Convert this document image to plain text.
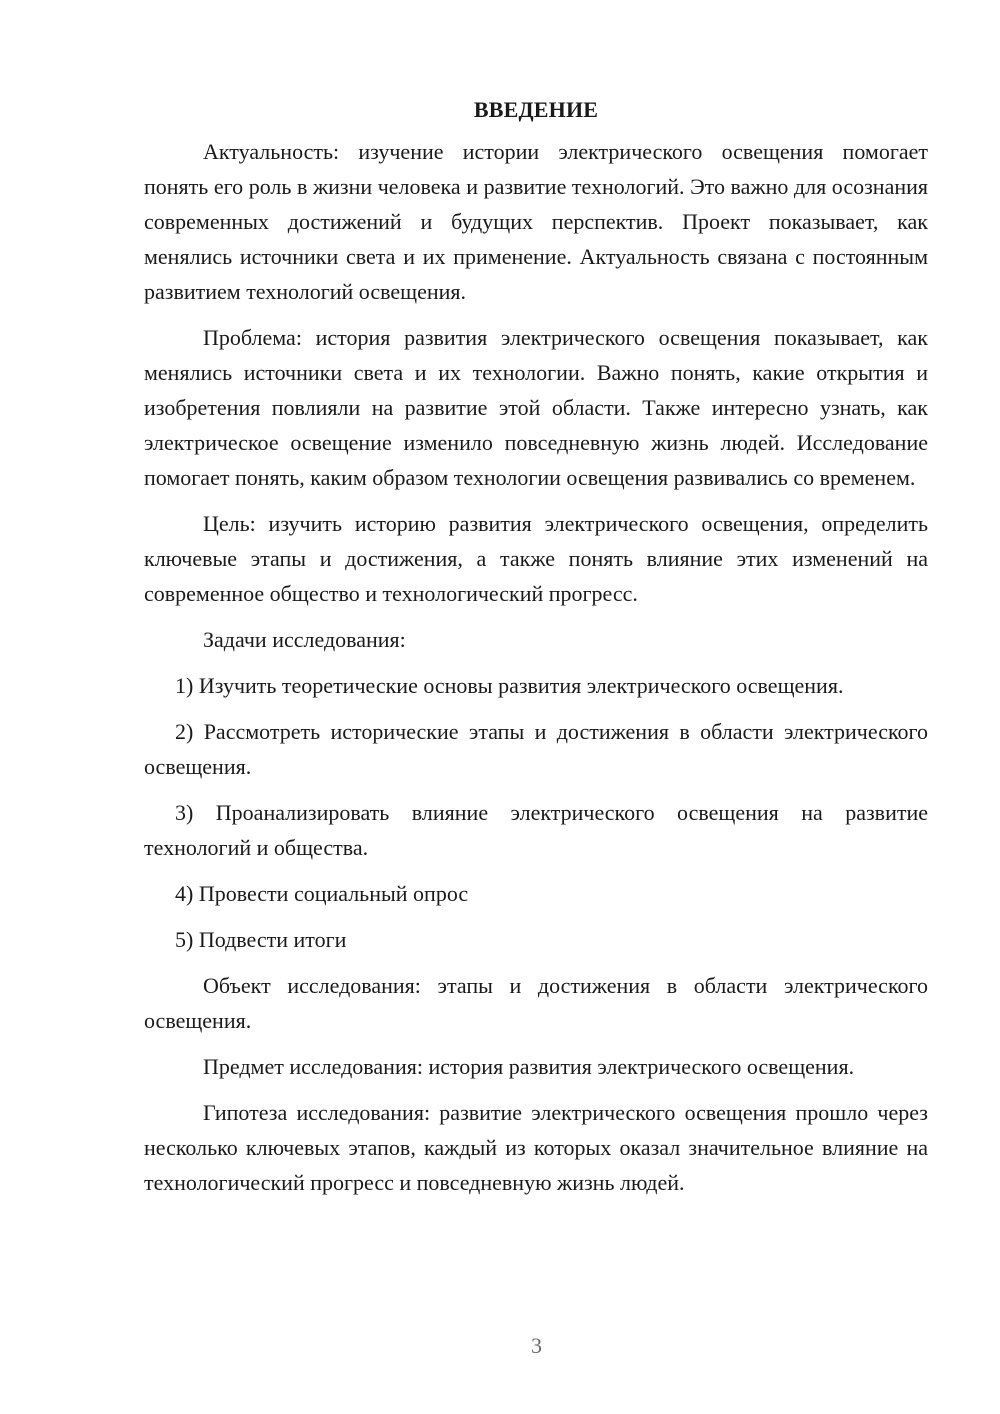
ВВЕДЕНИЕ

Актуальность: изучение истории электрического освещения помогает понять его роль в жизни человека и развитие технологий. Это важно для осознания современных достижений и будущих перспектив. Проект показывает, как менялись источники света и их применение. Актуальность связана с постоянным развитием технологий освещения.

Проблема: история развития электрического освещения показывает, как менялись источники света и их технологии. Важно понять, какие открытия и изобретения повлияли на развитие этой области. Также интересно узнать, как электрическое освещение изменило повседневную жизнь людей. Исследование помогает понять, каким образом технологии освещения развивались со временем.

Цель: изучить историю развития электрического освещения, определить ключевые этапы и достижения, а также понять влияние этих изменений на современное общество и технологический прогресс.

Задачи исследования:

1) Изучить теоретические основы развития электрического освещения.

2) Рассмотреть исторические этапы и достижения в области электрического освещения.

3) Проанализировать влияние электрического освещения на развитие технологий и общества.

4) Провести социальный опрос

5) Подвести итоги

Объект исследования: этапы и достижения в области электрического освещения.

Предмет исследования: история развития электрического освещения.

Гипотеза исследования: развитие электрического освещения прошло через несколько ключевых этапов, каждый из которых оказал значительное влияние на технологический прогресс и повседневную жизнь людей.

3
